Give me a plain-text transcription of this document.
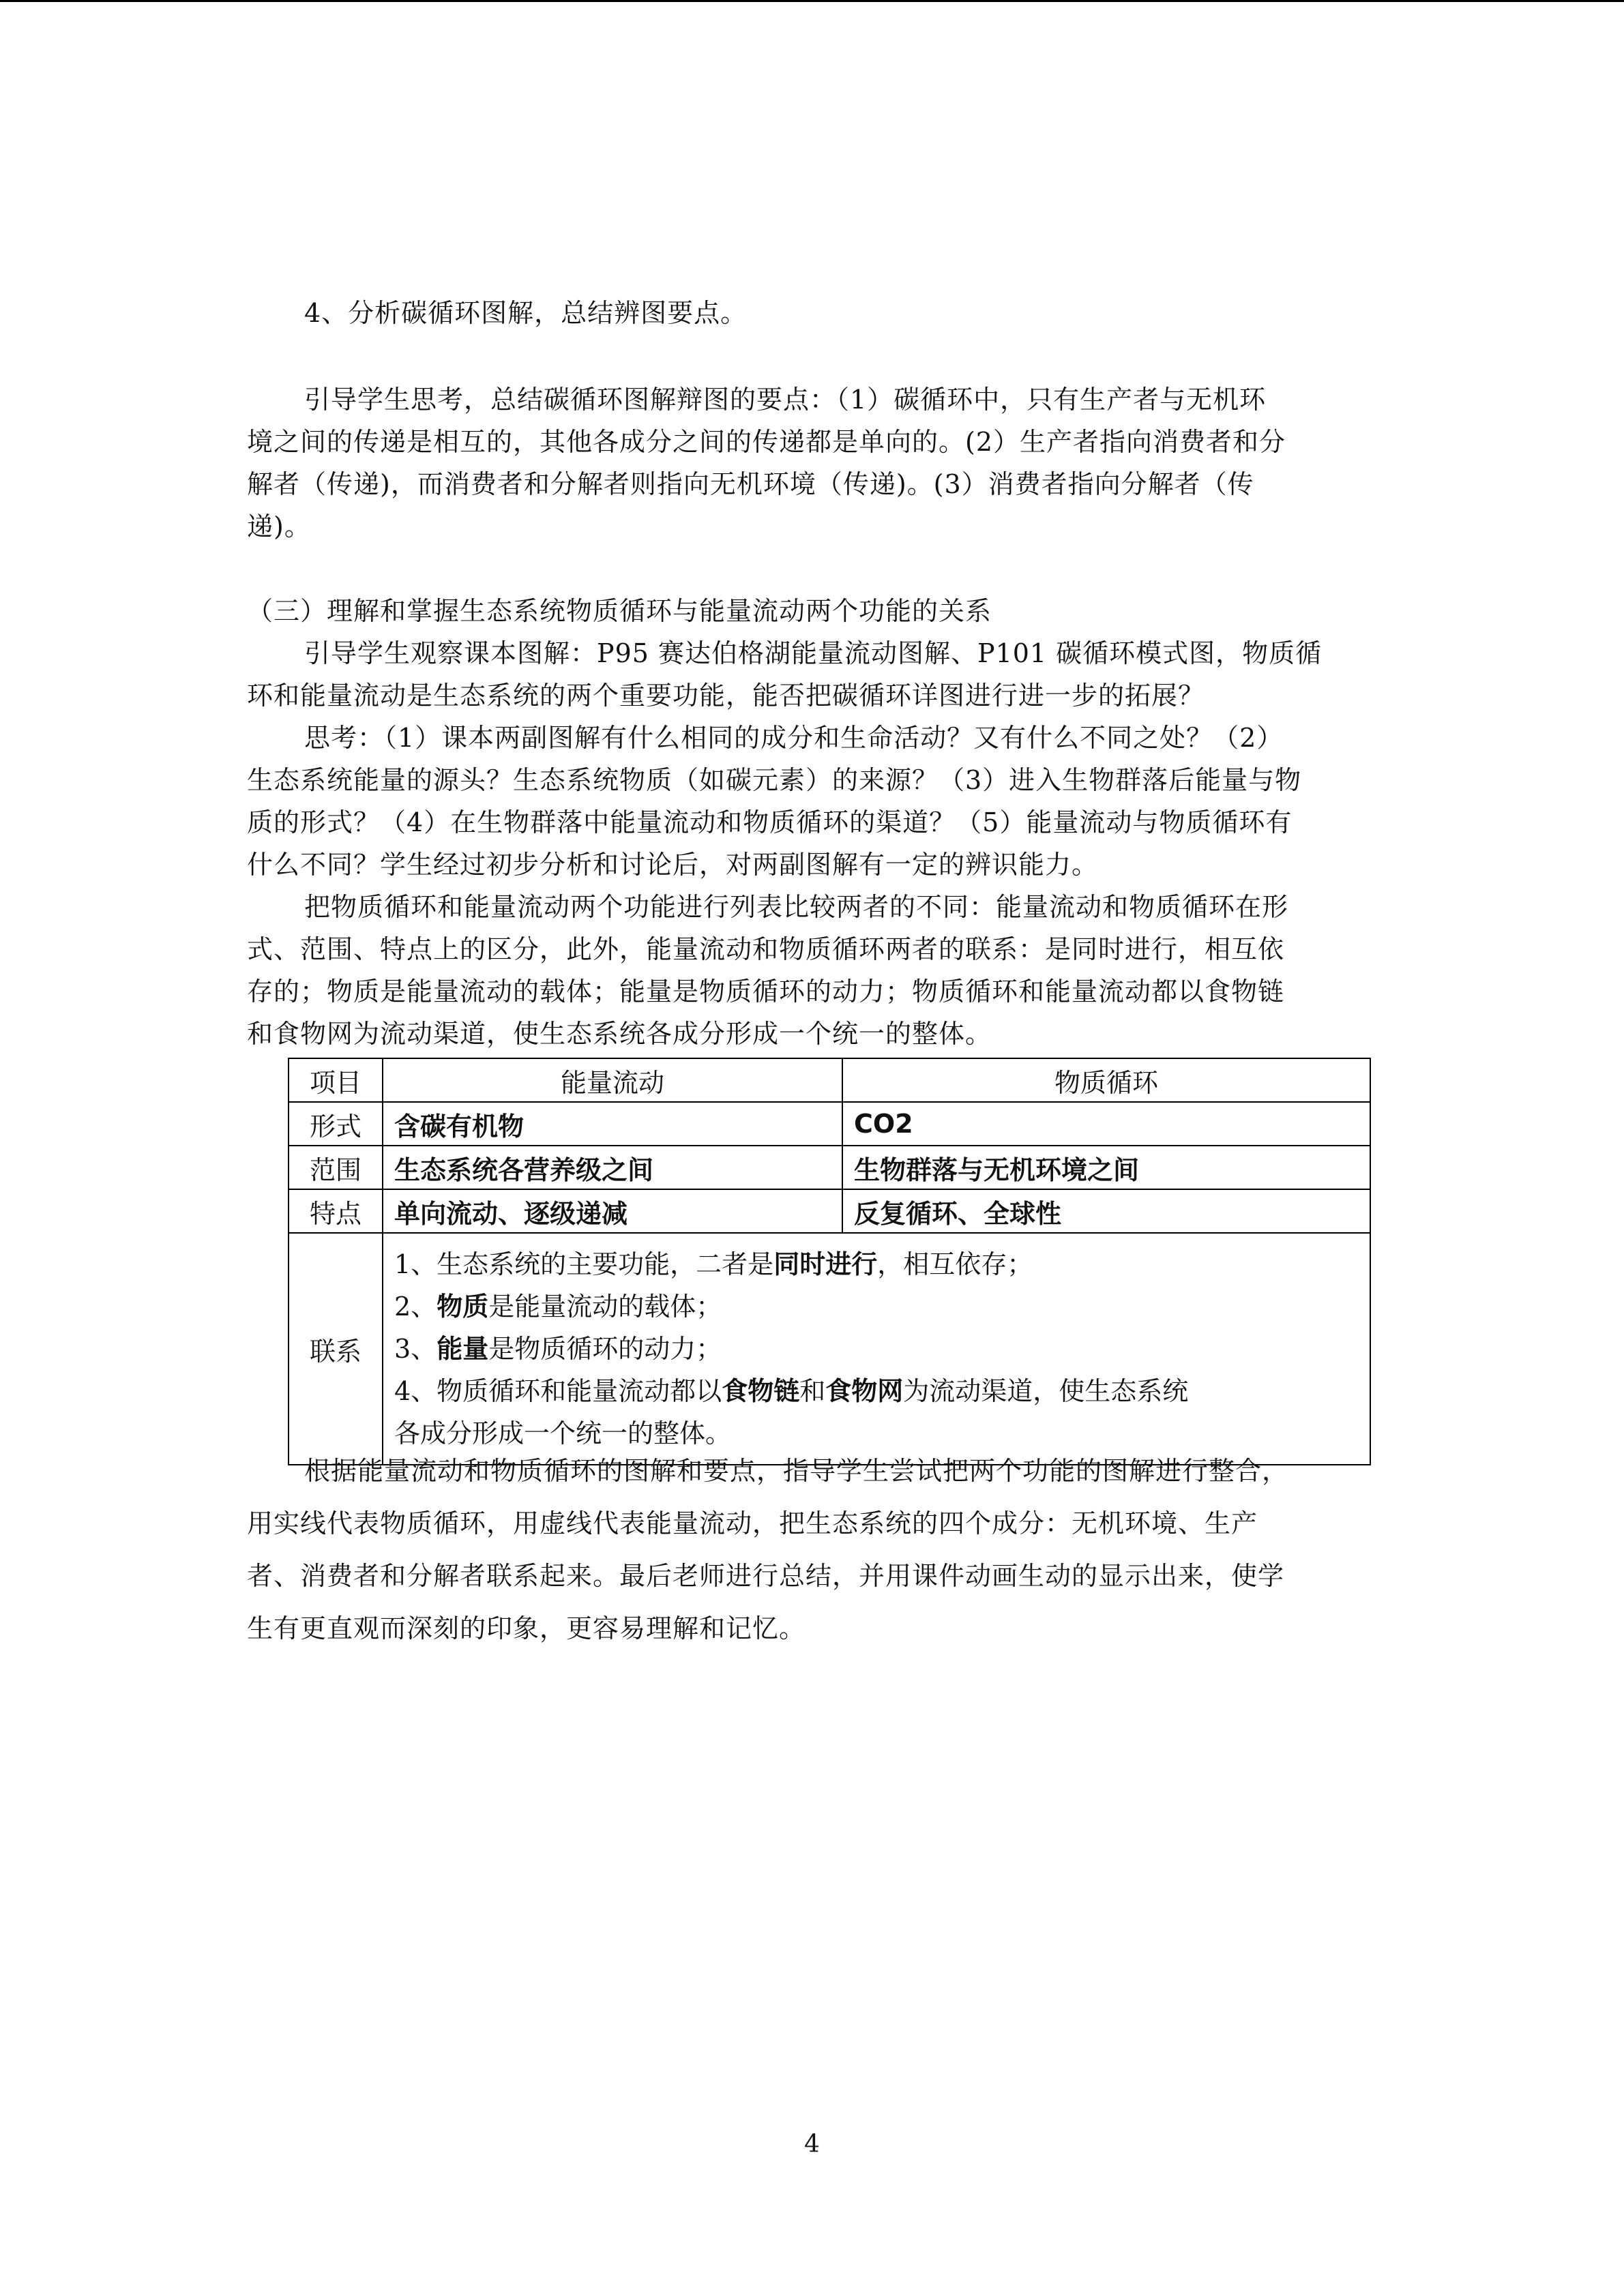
4、分析碳循环图解，总结辨图要点。
引导学生思考，总结碳循环图解辩图的要点：（1）碳循环中，只有生产者与无机环
境之间的传递是相互的，其他各成分之间的传递都是单向的。(2）生产者指向消费者和分
解者（传递)，而消费者和分解者则指向无机环境（传递)。(3）消费者指向分解者（传
递)。
（三）理解和掌握生态系统物质循环与能量流动两个功能的关系
引导学生观察课本图解：P95 赛达伯格湖能量流动图解、P101 碳循环模式图，物质循
环和能量流动是生态系统的两个重要功能，能否把碳循环详图进行进一步的拓展？
思考：（1）课本两副图解有什么相同的成分和生命活动？又有什么不同之处？（2）
生态系统能量的源头？生态系统物质（如碳元素）的来源？（3）进入生物群落后能量与物
质的形式？（4）在生物群落中能量流动和物质循环的渠道？（5）能量流动与物质循环有
什么不同？学生经过初步分析和讨论后，对两副图解有一定的辨识能力。
把物质循环和能量流动两个功能进行列表比较两者的不同：能量流动和物质循环在形
式、范围、特点上的区分，此外，能量流动和物质循环两者的联系：是同时进行，相互依
存的；物质是能量流动的载体；能量是物质循环的动力；物质循环和能量流动都以食物链
和食物网为流动渠道，使生态系统各成分形成一个统一的整体。
项目	能量流动	物质循环
形式	含碳有机物	CO2
范围	生态系统各营养级之间	生物群落与无机环境之间
特点	单向流动、逐级递减	反复循环、全球性
联系	1、生态系统的主要功能，二者是同时进行，相互依存；
2、物质是能量流动的载体；
3、能量是物质循环的动力；
4、物质循环和能量流动都以食物链和食物网为流动渠道，使生态系统
各成分形成一个统一的整体。	
根据能量流动和物质循环的图解和要点，指导学生尝试把两个功能的图解进行整合，
用实线代表物质循环，用虚线代表能量流动，把生态系统的四个成分：无机环境、生产
者、消费者和分解者联系起来。最后老师进行总结，并用课件动画生动的显示出来，使学
生有更直观而深刻的印象，更容易理解和记忆。
4
